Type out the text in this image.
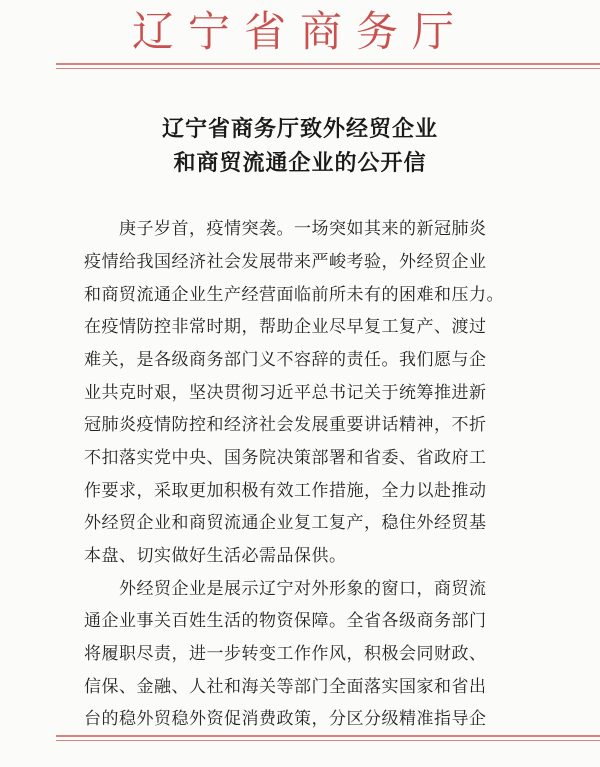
辽宁省商务厅
辽宁省商务厅致外经贸企业
和商贸流通企业的公开信
　　庚子岁首，疫情突袭。一场突如其来的新冠肺炎
疫情给我国经济社会发展带来严峻考验，外经贸企业
和商贸流通企业生产经营面临前所未有的困难和压力。
在疫情防控非常时期，帮助企业尽早复工复产、渡过
难关，是各级商务部门义不容辞的责任。我们愿与企
业共克时艰，坚决贯彻习近平总书记关于统筹推进新
冠肺炎疫情防控和经济社会发展重要讲话精神，不折
不扣落实党中央、国务院决策部署和省委、省政府工
作要求，采取更加积极有效工作措施，全力以赴推动
外经贸企业和商贸流通企业复工复产，稳住外经贸基
本盘、切实做好生活必需品保供。
　　外经贸企业是展示辽宁对外形象的窗口，商贸流
通企业事关百姓生活的物资保障。全省各级商务部门
将履职尽责，进一步转变工作作风，积极会同财政、
信保、金融、人社和海关等部门全面落实国家和省出
台的稳外贸稳外资促消费政策，分区分级精准指导企
